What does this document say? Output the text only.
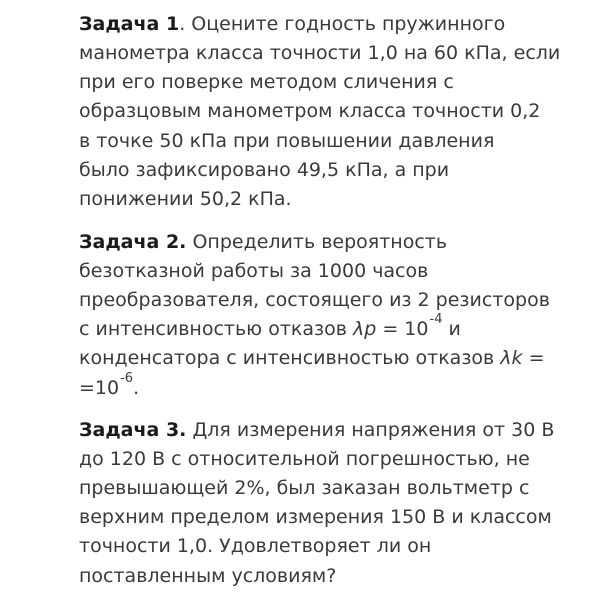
Задача 1. Оцените годность пружинного
манометра класса точности 1,0 на 60 кПа, если
при его поверке методом сличения с
образцовым манометром класса точности 0,2
в точке 50 кПа при повышении давления
было зафиксировано 49,5 кПа, а при
понижении 50,2 кПа.
Задача 2. Определить вероятность
безотказной работы за 1000 часов
преобразователя, состоящего из 2 резисторов
с интенсивностью отказов $\lambda р = 10^{-4}$ и
конденсатора с интенсивностью отказов λk =
$=10^{-6}$.
Задача 3. Для измерения напряжения от 30 В
до 120 В с относительной погрешностью, не
превышающей 2%, был заказан вольтметр с
верхним пределом измерения 150 В и классом
точности 1,0. Удовлетворяет ли он
поставленным условиям?
